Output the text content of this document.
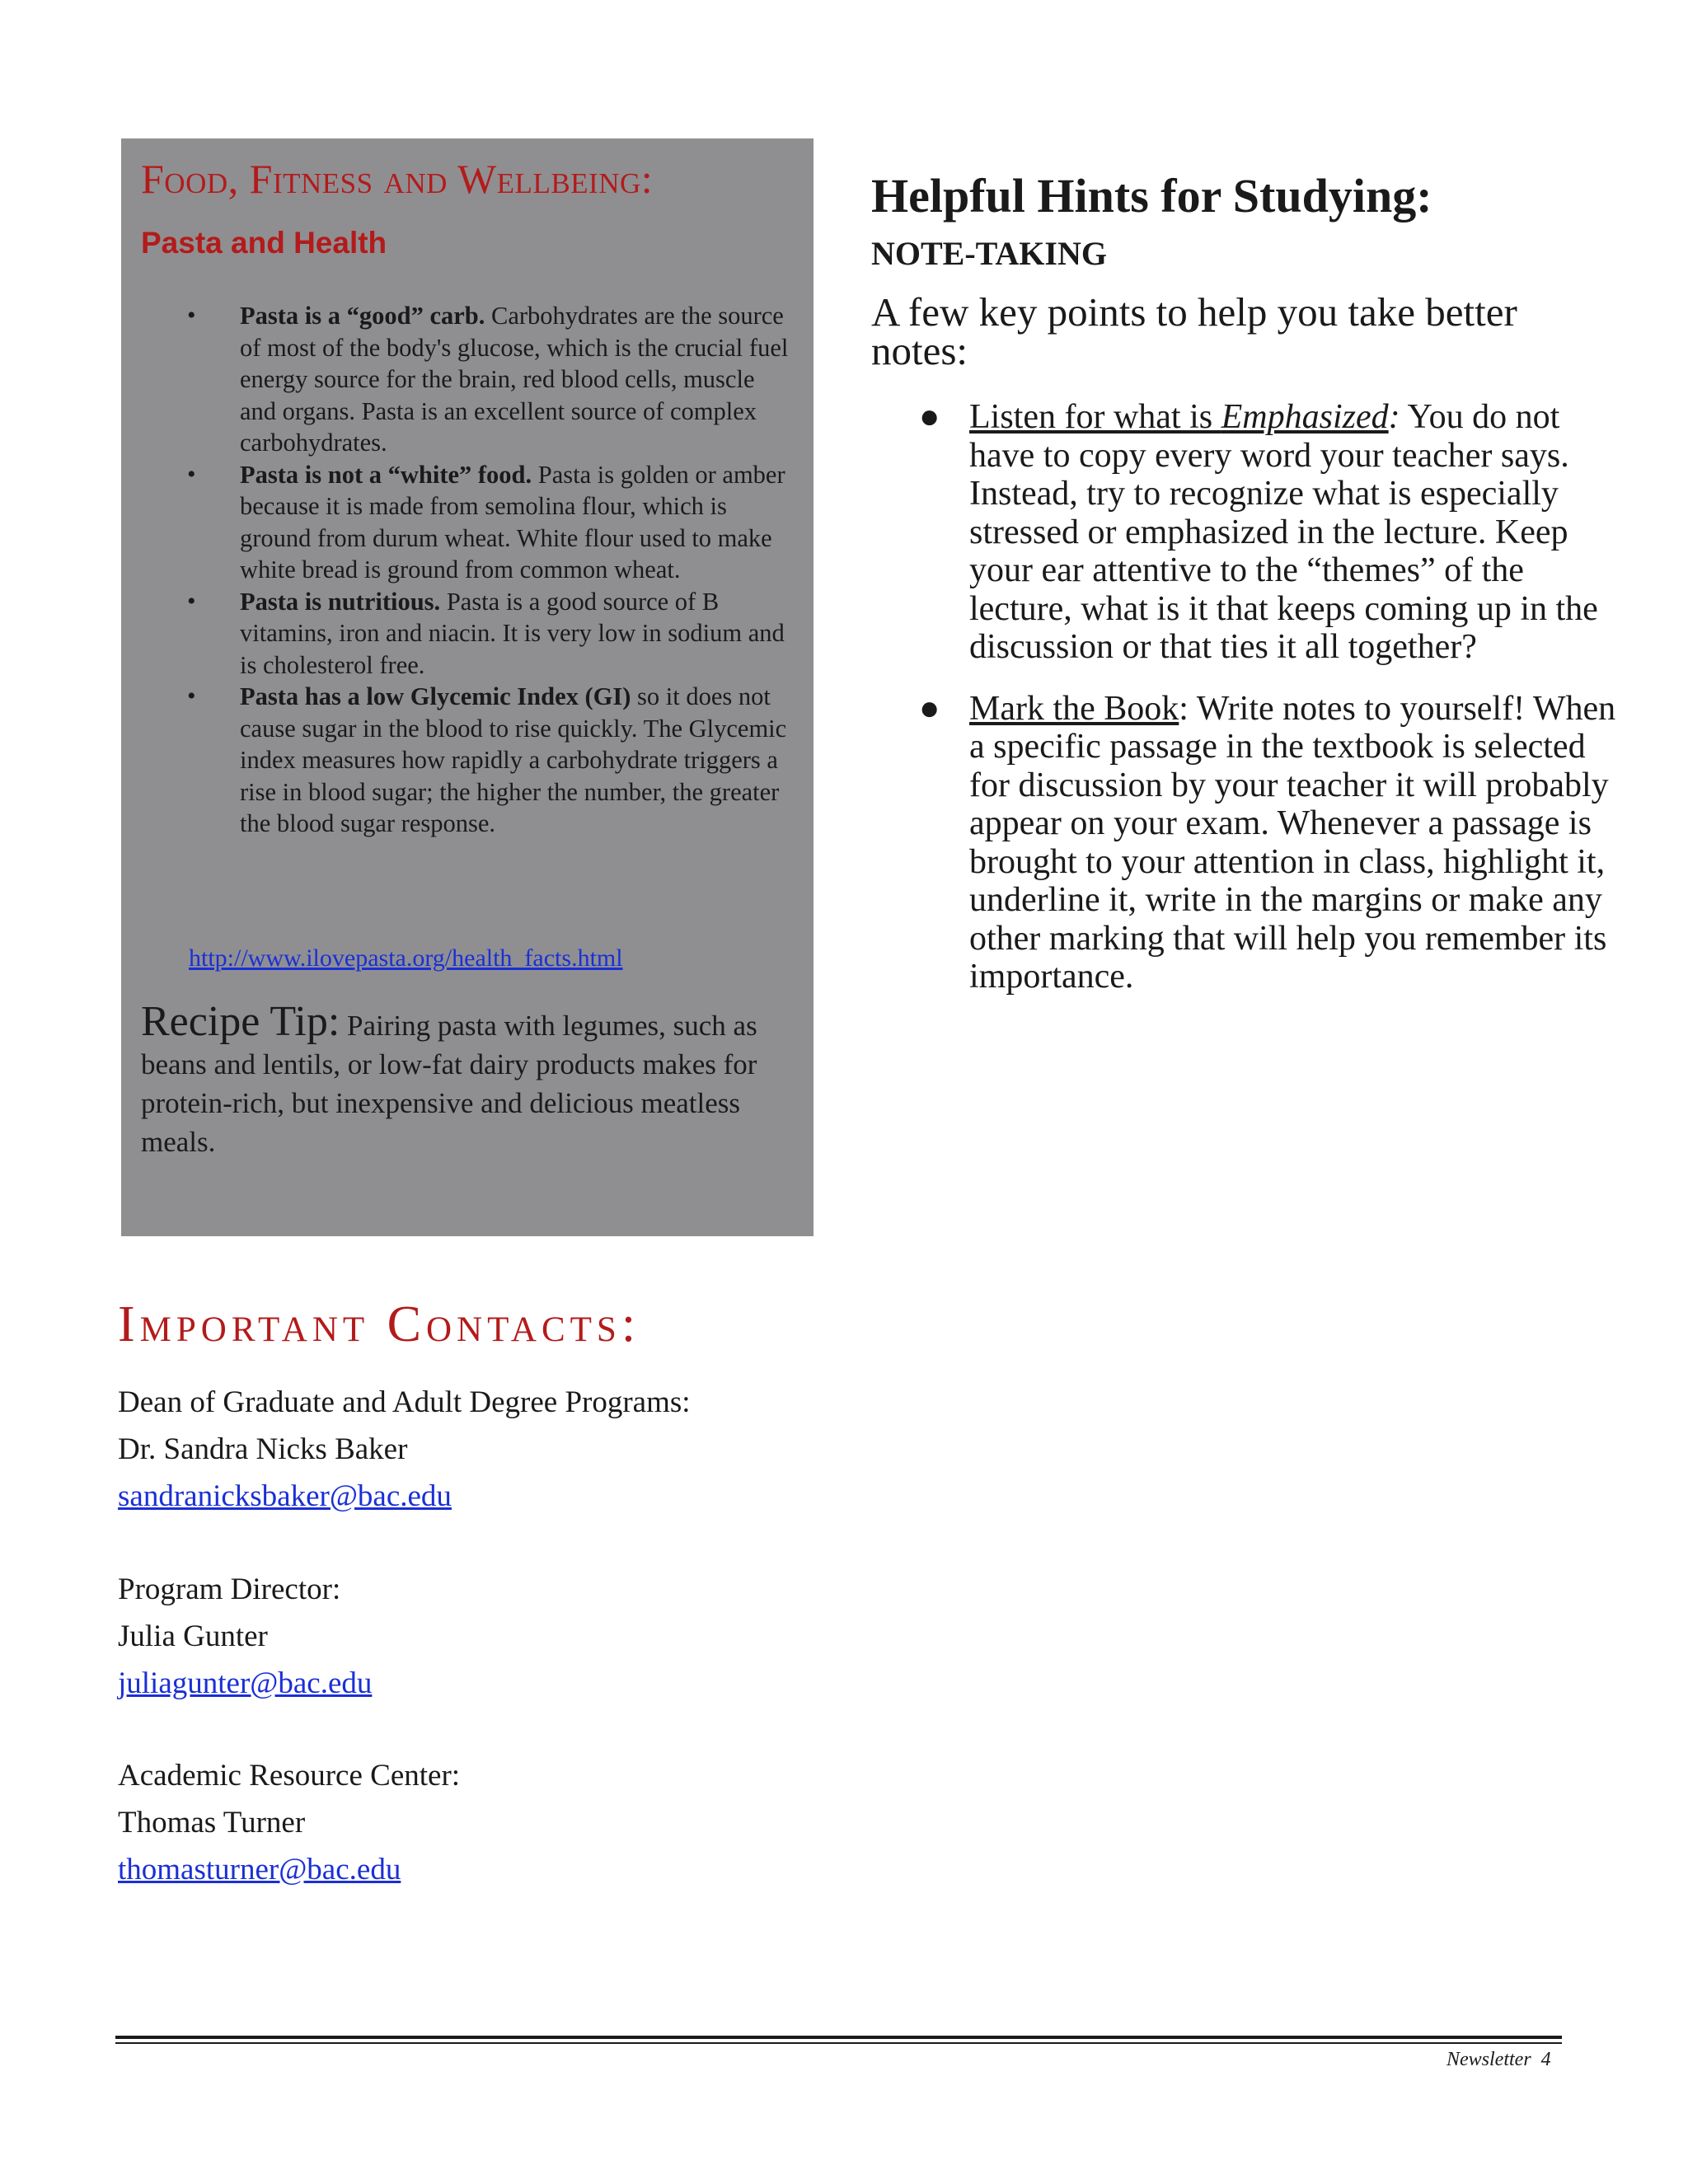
Food, Fitness and Wellbeing:
Pasta and Health
• Pasta is a “good” carb. Carbohydrates are the source of most of the body's glucose, which is the crucial fuel energy source for the brain, red blood cells, muscle and organs. Pasta is an excellent source of complex carbohydrates.
• Pasta is not a “white” food. Pasta is golden or amber because it is made from semolina flour, which is ground from durum wheat. White flour used to make white bread is ground from common wheat.
• Pasta is nutritious. Pasta is a good source of B vitamins, iron and niacin. It is very low in sodium and is cholesterol free.
• Pasta has a low Glycemic Index (GI) so it does not cause sugar in the blood to rise quickly. The Glycemic index measures how rapidly a carbohydrate triggers a rise in blood sugar; the higher the number, the greater the blood sugar response.
http://www.ilovepasta.org/health_facts.html

Recipe Tip: Pairing pasta with legumes, such as beans and lentils, or low-fat dairy products makes for protein-rich, but inexpensive and delicious meatless meals.

Helpful Hints for Studying:
NOTE-TAKING

A few key points to help you take better notes:

● Listen for what is Emphasized: You do not have to copy every word your teacher says. Instead, try to recognize what is especially stressed or emphasized in the lecture. Keep your ear attentive to the “themes” of the lecture, what is it that keeps coming up in the discussion or that ties it all together?
● Mark the Book: Write notes to yourself! When a specific passage in the textbook is selected for discussion by your teacher it will probably appear on your exam. Whenever a passage is brought to your attention in class, highlight it, underline it, write in the margins or make any other marking that will help you remember its importance.
Important Contacts:

Dean of Graduate and Adult Degree Programs:

Dr. Sandra Nicks Baker

sandranicksbaker@bac.edu

Program Director:

Julia Gunter

juliagunter@bac.edu

Academic Resource Center:

Thomas Turner

thomasturner@bac.edu

Newsletter 4
